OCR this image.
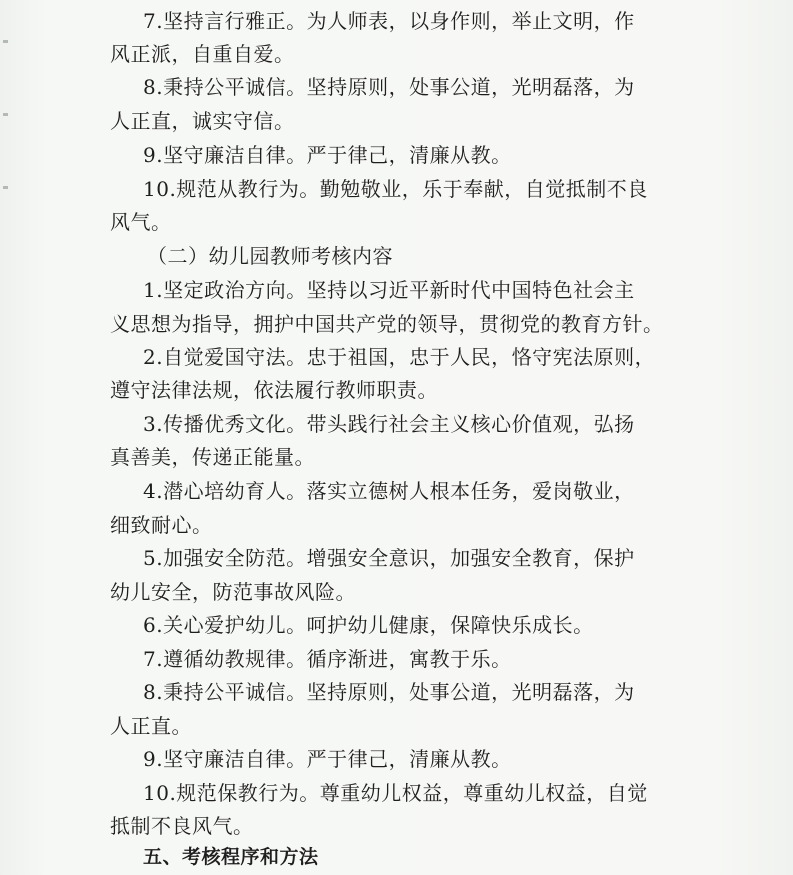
7.坚持言行雅正。为人师表，以身作则，举止文明，作
风正派，自重自爱。
8.秉持公平诚信。坚持原则，处事公道，光明磊落，为
人正直，诚实守信。
9.坚守廉洁自律。严于律己，清廉从教。
10.规范从教行为。勤勉敬业，乐于奉献，自觉抵制不良
风气。
（二）幼儿园教师考核内容
1.坚定政治方向。坚持以习近平新时代中国特色社会主
义思想为指导，拥护中国共产党的领导，贯彻党的教育方针。
2.自觉爱国守法。忠于祖国，忠于人民，恪守宪法原则，
遵守法律法规，依法履行教师职责。
3.传播优秀文化。带头践行社会主义核心价值观，弘扬
真善美，传递正能量。
4.潜心培幼育人。落实立德树人根本任务，爱岗敬业，
细致耐心。
5.加强安全防范。增强安全意识，加强安全教育，保护
幼儿安全，防范事故风险。
6.关心爱护幼儿。呵护幼儿健康，保障快乐成长。
7.遵循幼教规律。循序渐进，寓教于乐。
8.秉持公平诚信。坚持原则，处事公道，光明磊落，为
人正直。
9.坚守廉洁自律。严于律己，清廉从教。
10.规范保教行为。尊重幼儿权益，尊重幼儿权益，自觉
抵制不良风气。
五、考核程序和方法
